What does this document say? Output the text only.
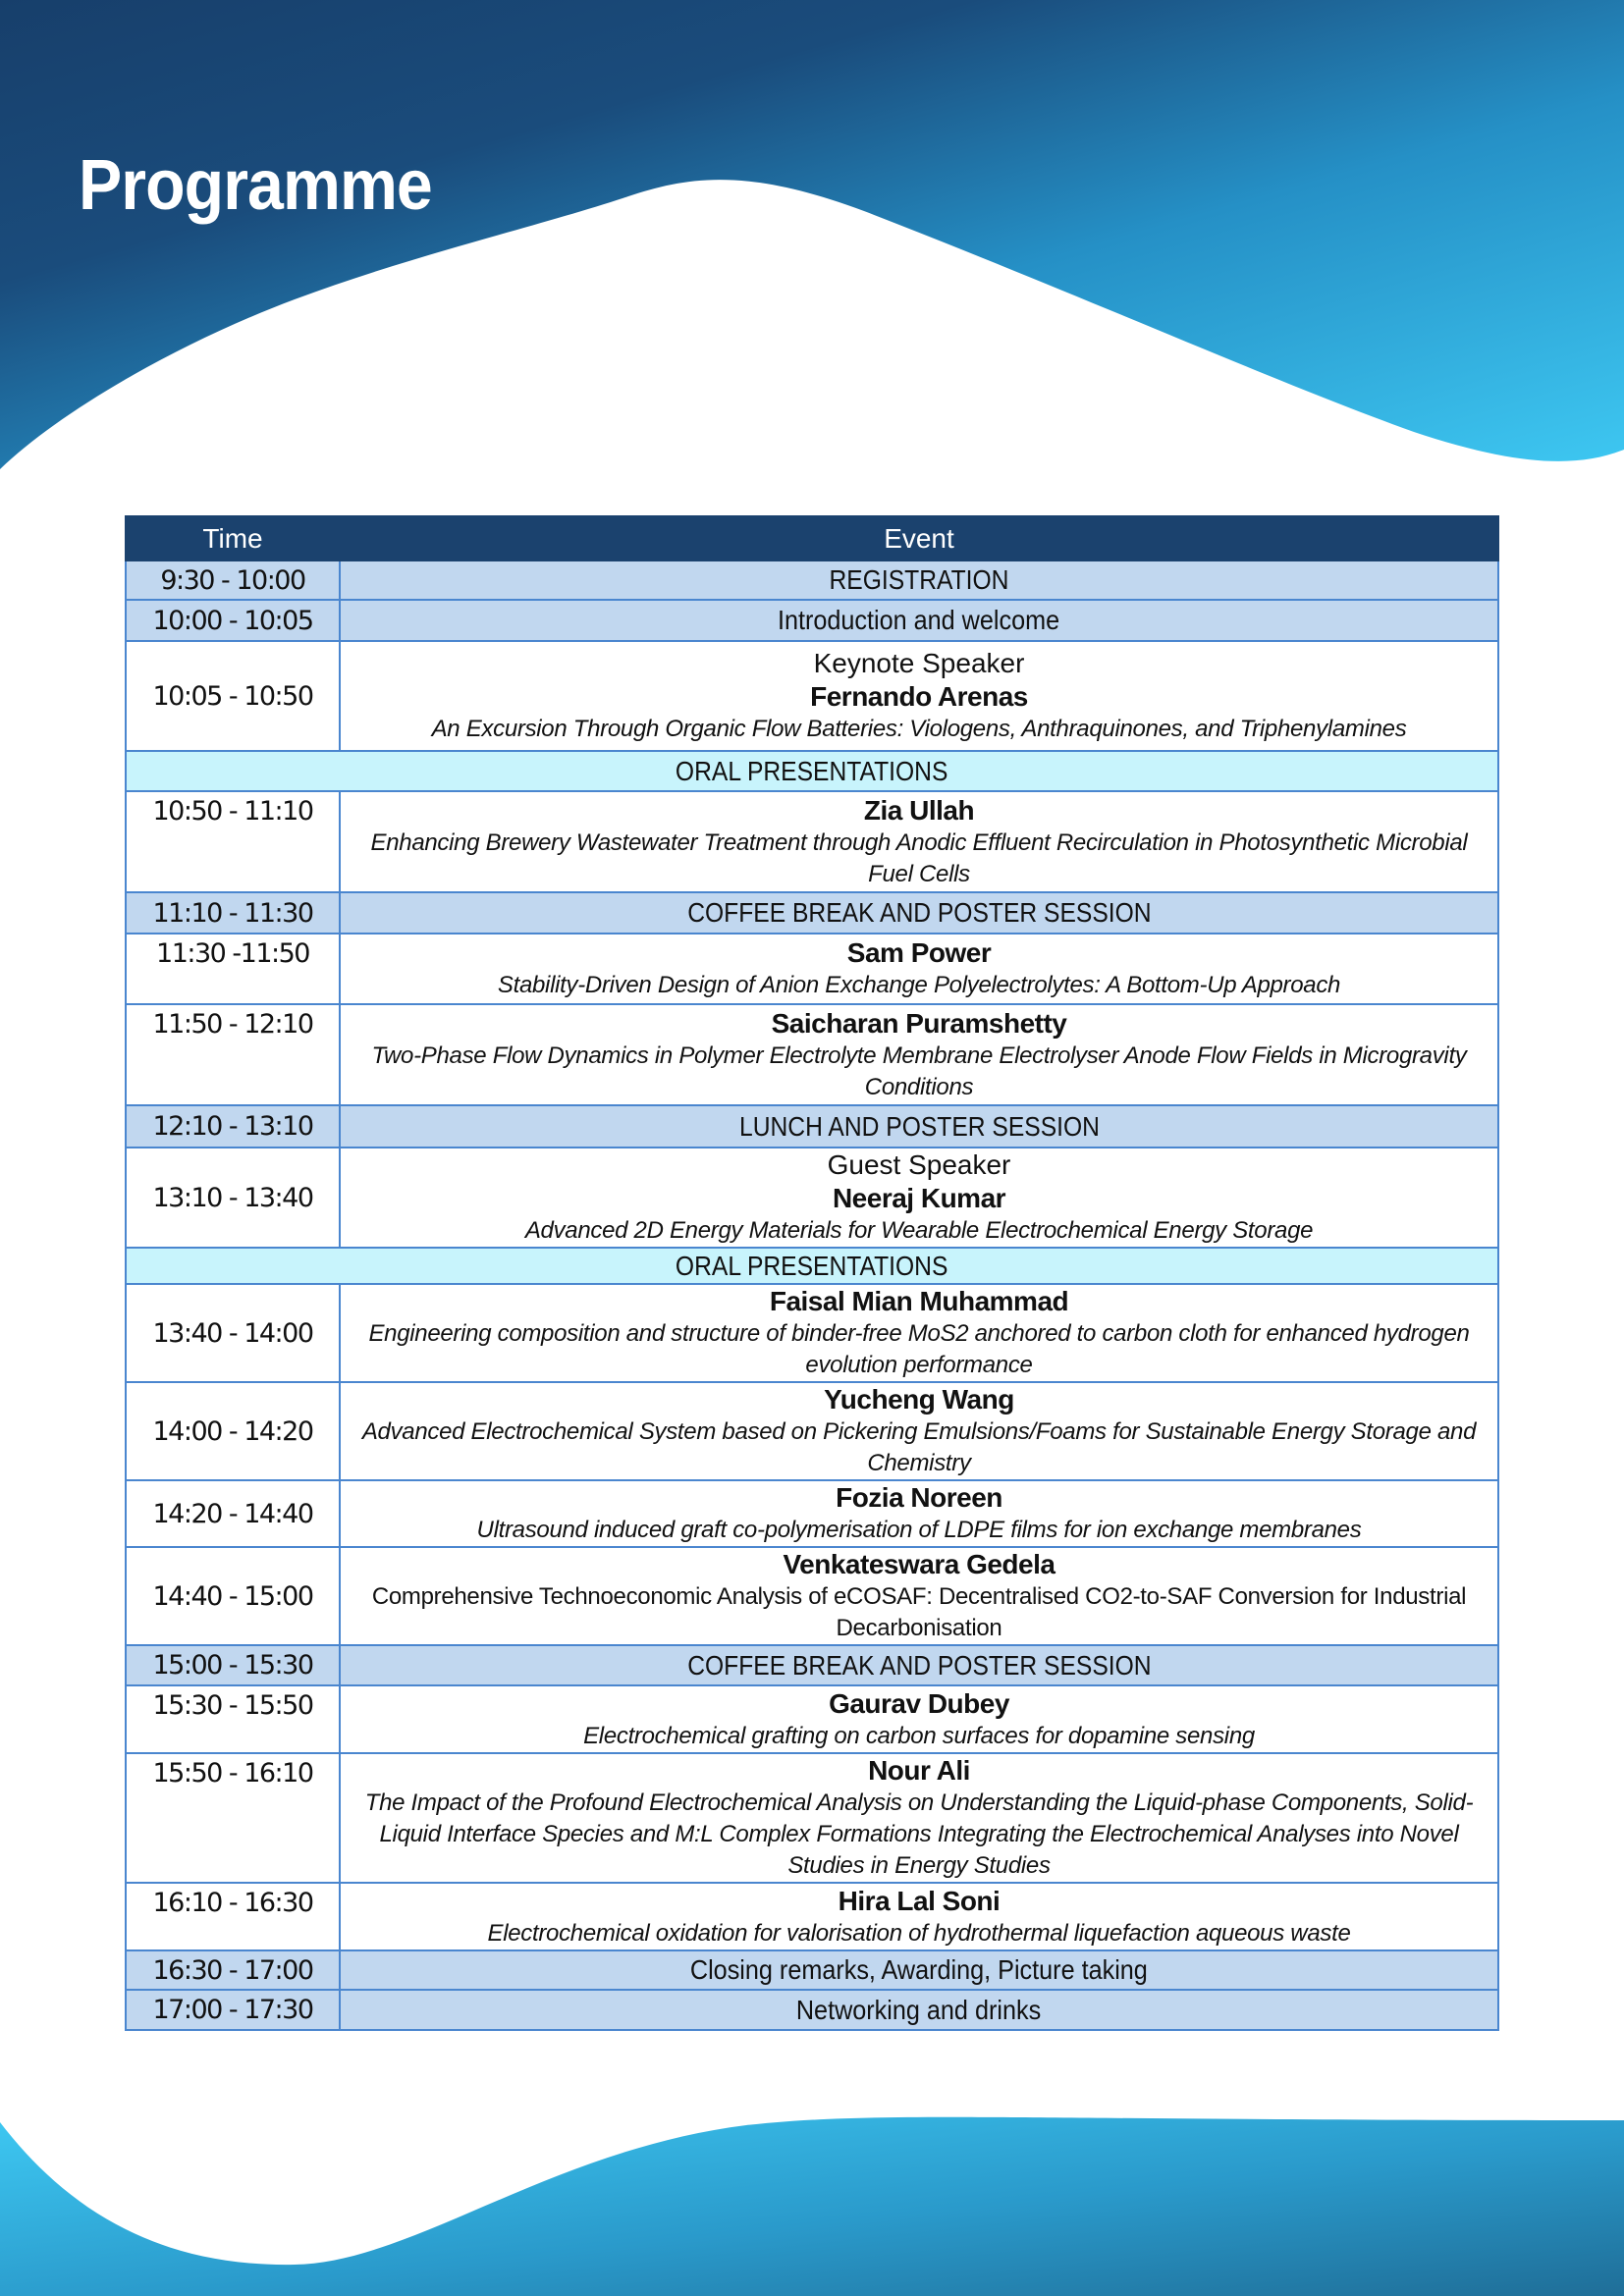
Programme
Time	Event
9:30 - 10:00	REGISTRATION
10:00 - 10:05	Introduction and welcome
10:05 - 10:50	Keynote Speaker
Fernando Arenas
An Excursion Through Organic Flow Batteries: Viologens, Anthraquinones, and Triphenylamines

ORAL PRESENTATIONS	
10:50 - 11:10	Zia Ullah
Enhancing Brewery Wastewater Treatment through Anodic Effluent Recirculation in Photosynthetic Microbial Fuel Cells

11:10 - 11:30	COFFEE BREAK AND POSTER SESSION
11:30 -11:50	Sam Power
Stability-Driven Design of Anion Exchange Polyelectrolytes: A Bottom-Up Approach

11:50 - 12:10	Saicharan Puramshetty
Two-Phase Flow Dynamics in Polymer Electrolyte Membrane Electrolyser Anode Flow Fields in Microgravity Conditions

12:10 - 13:10	LUNCH AND POSTER SESSION
13:10 - 13:40	Guest Speaker
Neeraj Kumar
Advanced 2D Energy Materials for Wearable Electrochemical Energy Storage

ORAL PRESENTATIONS	
13:40 - 14:00	Faisal Mian Muhammad
Engineering composition and structure of binder-free MoS2 anchored to carbon cloth for enhanced hydrogen evolution performance

14:00 - 14:20	Yucheng Wang
Advanced Electrochemical System based on Pickering Emulsions/Foams for Sustainable Energy Storage and Chemistry

14:20 - 14:40	Fozia Noreen
Ultrasound induced graft co-polymerisation of LDPE films for ion exchange membranes

14:40 - 15:00	Venkateswara Gedela
Comprehensive Technoeconomic Analysis of eCOSAF: Decentralised CO2-to-SAF Conversion for Industrial Decarbonisation

15:00 - 15:30	COFFEE BREAK AND POSTER SESSION
15:30 - 15:50	Gaurav Dubey
Electrochemical grafting on carbon surfaces for dopamine sensing

15:50 - 16:10	Nour Ali
The Impact of the Profound Electrochemical Analysis on Understanding the Liquid-phase Components, Solid-Liquid Interface Species and M:L Complex Formations Integrating the Electrochemical Analyses into Novel Studies in Energy Studies

16:10 - 16:30	Hira Lal Soni
Electrochemical oxidation for valorisation of hydrothermal liquefaction aqueous waste

16:30 - 17:00	Closing remarks, Awarding, Picture taking
17:00 - 17:30	Networking and drinks
